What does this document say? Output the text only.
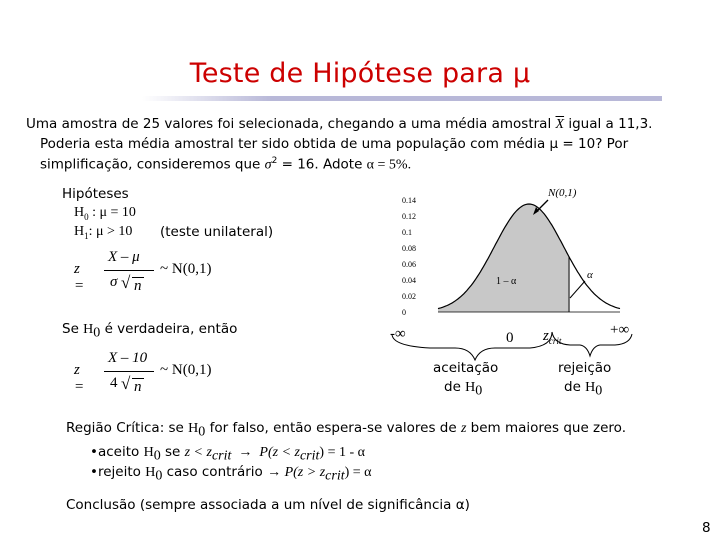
Teste de Hipótese para μ
Uma amostra de 25 valores foi selecionada, chegando a uma média amostral $\overline{X}$ igual a 11,3.
Poderia esta média amostral ter sido obtida de uma população com média μ = 10? Por
simplificação, consideremos que $\sigma^2 = 16$. Adote α = 5%.
Hipóteses
$H_0$ : μ = 10
$H_1$: μ > 10 (teste unilateral)
z =
X – μ
σ √ n
~ N(0,1)
Se $H_0$ é verdadeira, então
z =
X – 10
4 √ n
~ N(0,1)
0.14
0.12
0.1
0.08
0.06
0.04
0.02
0
N(0,1)
1 – α
α
-∞	0 $z_{crit}$
+∞
aceitação
de $H_0$
rejeição
de $H_0$
Região Crítica: se $H_0$ for falso, então espera-se valores de z bem maiores que zero.
•aceito $H_0$ se $z < z_{crit} \to P(z < z_{crit}) = 1 - \alpha$
•rejeito $H_0$ caso contrário → $P(z > z_{crit}) = \alpha$
Conclusão (sempre associada a um nível de significância α)
8
